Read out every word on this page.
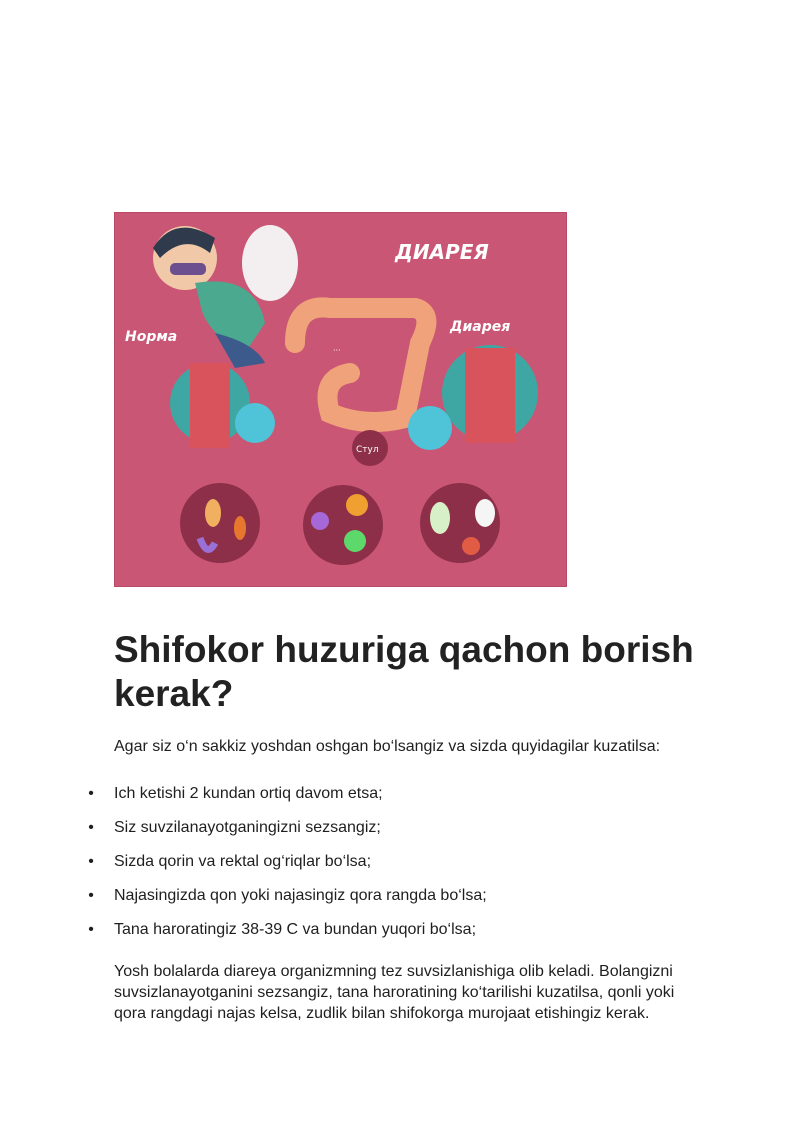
ДИАРЕЯ
···
Норма
Диарея
Стул
Shifokor huzuriga qachon borish kerak?

Agar siz o‘n sakkiz yoshdan oshgan bo‘lsangiz va sizda quyidagilar kuzatilsa:

• Ich ketishi 2 kundan ortiq davom etsa;
• Siz suvzilanayotganingizni sezsangiz;
• Sizda qorin va rektal og‘riqlar bo‘lsa;
• Najasingizda qon yoki najasingiz qora rangda bo‘lsa;
• Tana haroratingiz 38-39 C va bundan yuqori bo‘lsa;

Yosh bolalarda diareya organizmning tez suvsizlanishiga olib keladi. Bolangizni suvsizlanayotganini sezsangiz, tana haroratining ko‘tarilishi kuzatilsa, qonli yoki qora rangdagi najas kelsa, zudlik bilan shifokorga murojaat etishingiz kerak.
